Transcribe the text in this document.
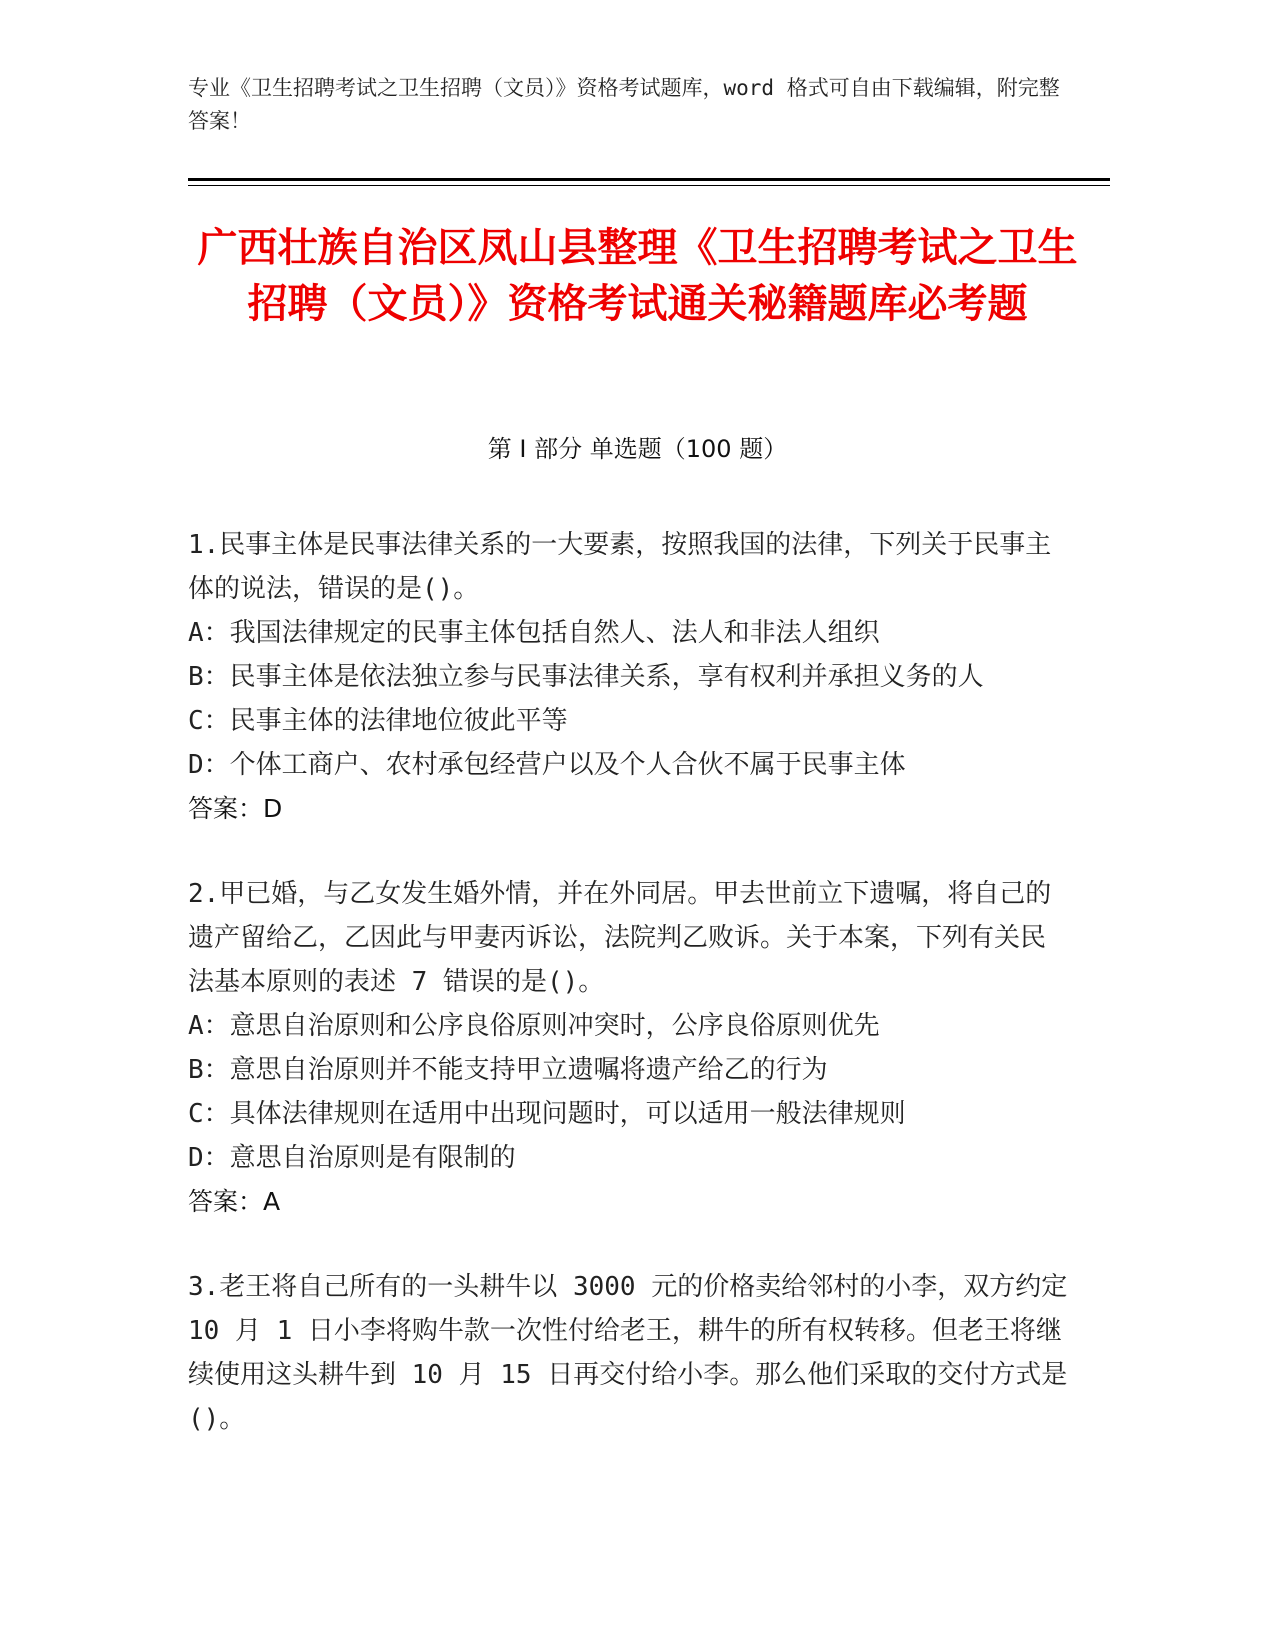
专业《卫生招聘考试之卫生招聘（文员）》资格考试题库，word 格式可自由下载编辑，附完整答案！
广西壮族自治区凤山县整理《卫生招聘考试之卫生招聘（文员）》资格考试通关秘籍题库必考题
第 I 部分 单选题（100 题）
1.民事主体是民事法律关系的一大要素，按照我国的法律，下列关于民事主体的说法，错误的是()。
A：我国法律规定的民事主体包括自然人、法人和非法人组织
B：民事主体是依法独立参与民事法律关系，享有权利并承担义务的人
C：民事主体的法律地位彼此平等
D：个体工商户、农村承包经营户以及个人合伙不属于民事主体
答案：D
2.甲已婚，与乙女发生婚外情，并在外同居。甲去世前立下遗嘱，将自己的遗产留给乙，乙因此与甲妻丙诉讼，法院判乙败诉。关于本案，下列有关民法基本原则的表述 7 错误的是()。
A：意思自治原则和公序良俗原则冲突时，公序良俗原则优先
B：意思自治原则并不能支持甲立遗嘱将遗产给乙的行为
C：具体法律规则在适用中出现问题时，可以适用一般法律规则
D：意思自治原则是有限制的
答案：A
3.老王将自己所有的一头耕牛以 3000 元的价格卖给邻村的小李，双方约定 10 月 1 日小李将购牛款一次性付给老王，耕牛的所有权转移。但老王将继续使用这头耕牛到 10 月 15 日再交付给小李。那么他们采取的交付方式是()。
